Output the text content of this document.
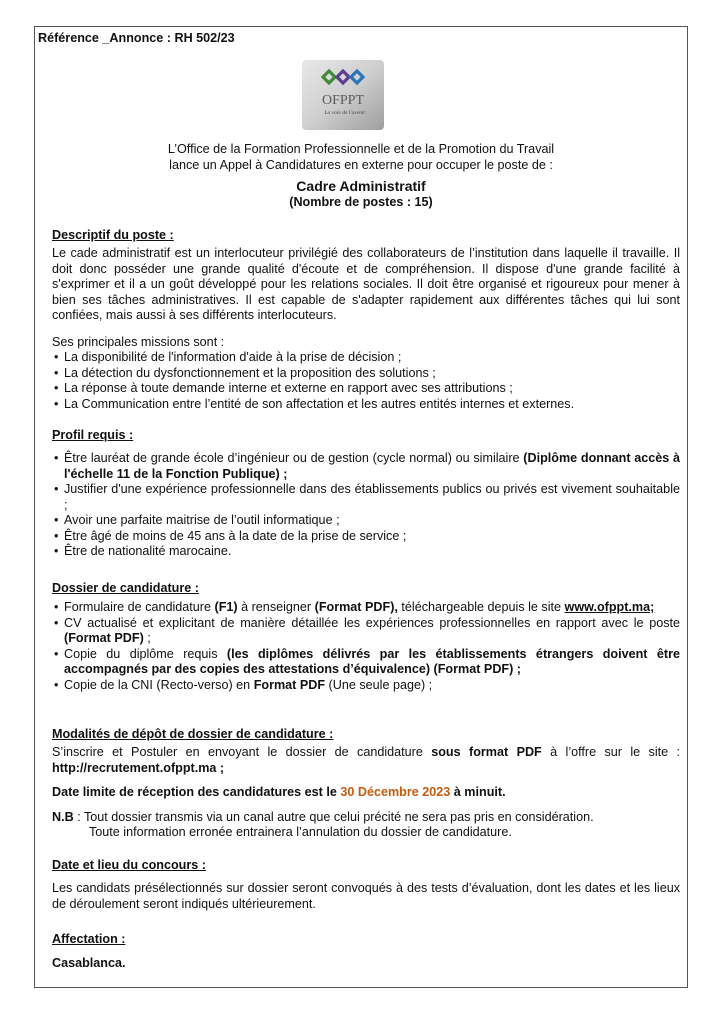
Référence _Annonce : RH 502/23
OFPPT
La voie de l'avenir
L’Office de la Formation Professionnelle et de la Promotion du Travail
lance un Appel à Candidatures en externe pour occuper le poste de :
Cadre Administratif
(Nombre de postes : 15)

Descriptif du poste :

Le cade administratif est un interlocuteur privilégié des collaborateurs de l’institution dans laquelle il travaille. Il doit donc posséder une grande qualité d'écoute et de compréhension. Il dispose d'une grande facilité à s'exprimer et il a un goût développé pour les relations sociales. Il doit être organisé et rigoureux pour mener à bien ses tâches administratives. Il est capable de s'adapter rapidement aux différentes tâches qui lui sont confiées, mais aussi à ses différents interlocuteurs.

Ses principales missions sont :

• La disponibilité de l'information d'aide à la prise de décision ;
• La détection du dysfonctionnement et la proposition des solutions ;
• La réponse à toute demande interne et externe en rapport avec ses attributions ;
• La Communication entre l’entité de son affectation et les autres entités internes et externes.

Profil requis :

• Être lauréat de grande école d’ingénieur ou de gestion (cycle normal) ou similaire (Diplôme donnant accès à l'échelle 11 de la Fonction Publique) ;
• Justifier d'une expérience professionnelle dans des établissements publics ou privés est vivement souhaitable ;
• Avoir une parfaite maitrise de l’outil informatique ;
• Être âgé de moins de 45 ans à la date de la prise de service ;
• Être de nationalité marocaine.

Dossier de candidature :

• Formulaire de candidature (F1) à renseigner (Format PDF), téléchargeable depuis le site www.ofppt.ma;
• CV actualisé et explicitant de manière détaillée les expériences professionnelles en rapport avec le poste (Format PDF) ;
• Copie du diplôme requis (les diplômes délivrés par les établissements étrangers doivent être accompagnés par des copies des attestations d’équivalence) (Format PDF) ;
• Copie de la CNI (Recto-verso) en Format PDF (Une seule page) ;

Modalités de dépôt de dossier de candidature :

S’inscrire et Postuler en envoyant le dossier de candidature sous format PDF à l’offre sur le site : http://recrutement.ofppt.ma ;

Date limite de réception des candidatures est le 30 Décembre 2023 à minuit.

N.B : Tout dossier transmis via un canal autre que celui précité ne sera pas pris en considération.

Toute information erronée entrainera l’annulation du dossier de candidature.

Date et lieu du concours :

Les candidats présélectionnés sur dossier seront convoqués à des tests d’évaluation, dont les dates et les lieux de déroulement seront indiqués ultérieurement.

Affectation :

Casablanca.
